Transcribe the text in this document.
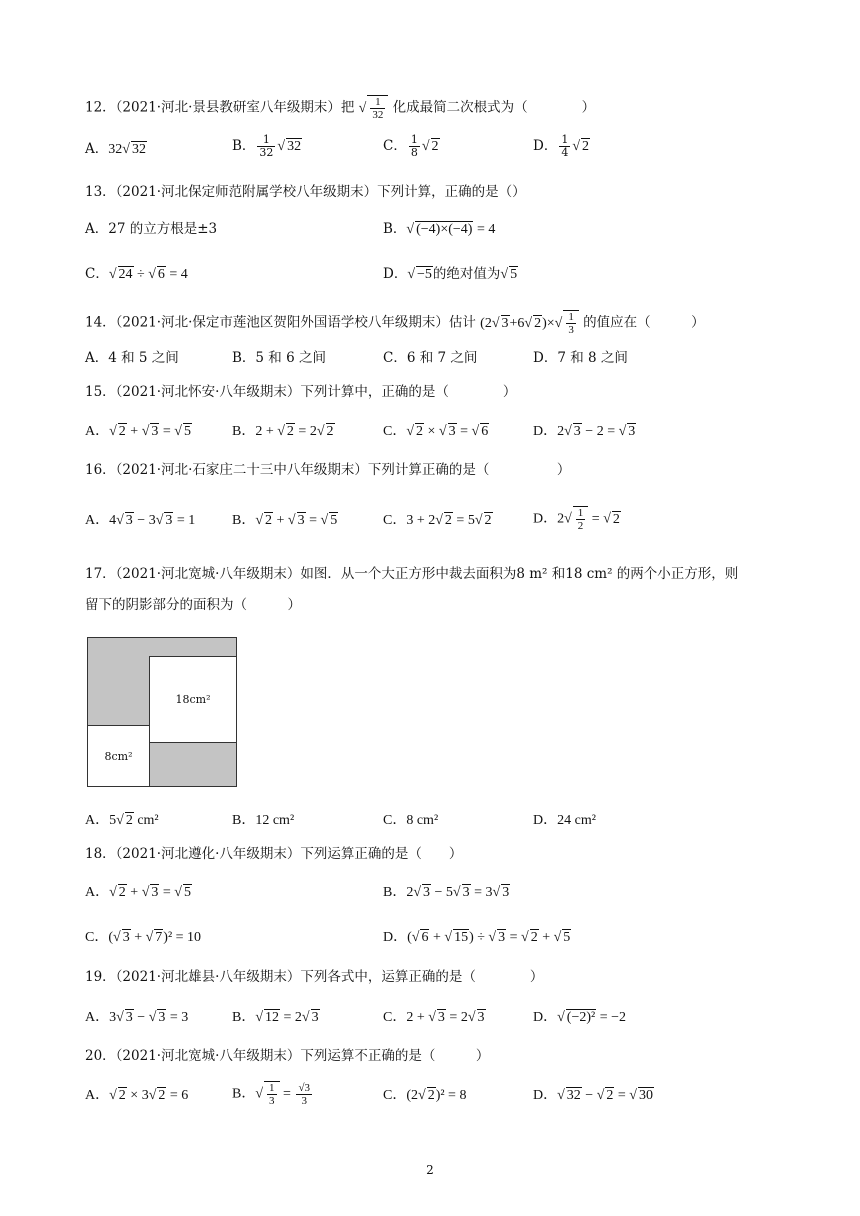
12．（2021·河北·景县教研室八年级期末）把 √ $\frac{1}{32}$ 化成最简二次根式为（　　　　）
A．32√ 32	B． $\frac{1}{32}$ √ 32	C． $\frac{1}{8}$ √ 2	D． $\frac{1}{4}$ √ 2
13．（2021·河北保定师范附属学校八年级期末）下列计算，正确的是（）
A．27 的立方根是±3	B．√ (−4)×(−4) = 4
C．√ 24 ÷ √ 6 = 4	D．√ −5的绝对值为√ 5
14．（2021·河北·保定市莲池区贺阳外国语学校八年级期末）估计 (2√ 3+6√ $2)\times√ \frac{1}{3}$ 的值应在（　　　）
A．4 和 5 之间	B．5 和 6 之间	C．6 和 7 之间	D．7 和 8 之间
15．（2021·河北怀安·八年级期末）下列计算中，正确的是（　　　　）
A．√ 2 + √ 3 = √ 5	B．2 + √ 2 = 2√ 2	C．√ 2 × √ 3 = √ 6	D．2√ 3 − 2 = √ 3
16．（2021·河北·石家庄二十三中八年级期末）下列计算正确的是（　　　　　）
A．4√ 3 − 3√ 3 = 1	B．√ 2 + √ 3 = √ 5	C．3 + 2√ 2 = 5√ 2	D．$2√ \frac{1}{2}$ = √ 2
17．（2021·河北宽城·八年级期末）如图．从一个大正方形中裁去面积为8 m² 和18 cm² 的两个小正方形，则
留下的阴影部分的面积为（　　　）
18cm²
8cm²
A．5√ 2 cm²	B．12 cm²	C．8 cm²	D．24 cm²
18．（2021·河北遵化·八年级期末）下列运算正确的是（　　）
A．√ 2 + √ 3 = √ 5	B．2√ 3 − 5√ 3 = 3√ 3
C．(√ 3 + √ 7)² = 10	D．(√ 6 + √ 15) ÷ √ 3 = √ 2 + √ 5
19．（2021·河北雄县·八年级期末）下列各式中，运算正确的是（　　　　）
A．3√ 3 − √ 3 = 3	B．√ 12 = 2√ 3	C．2 + √ 3 = 2√ 3	D．√ (−2)² = −2
20．（2021·河北宽城·八年级期末）下列运算不正确的是（　　　）
A．√ 2 × 3√ 2 = 6	B．√ $\frac{1}{3} = \frac{√3}{3}$	C．(2√ 2)² = 8	D．√ 32 − √ 2 = √ 30
2
